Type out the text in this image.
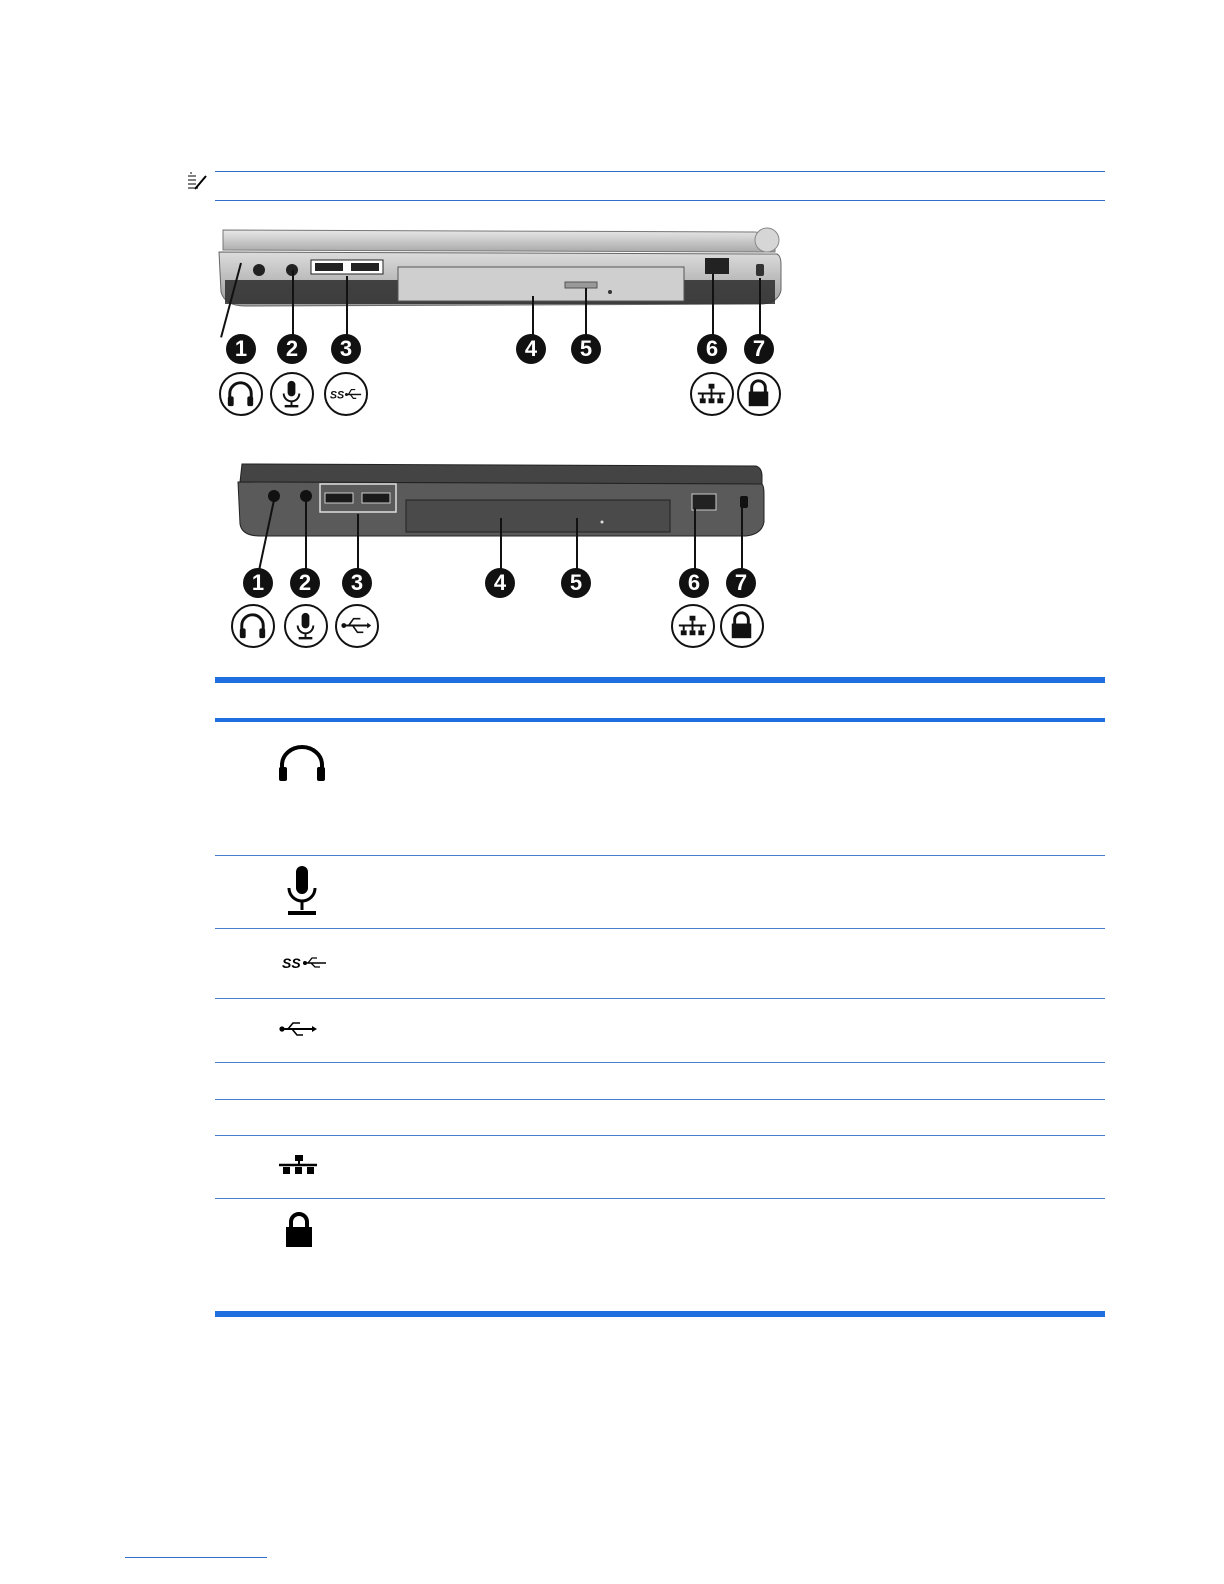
1	2	3	4	5	6	7
SS
1	2	3	4	5	6	7
SS
